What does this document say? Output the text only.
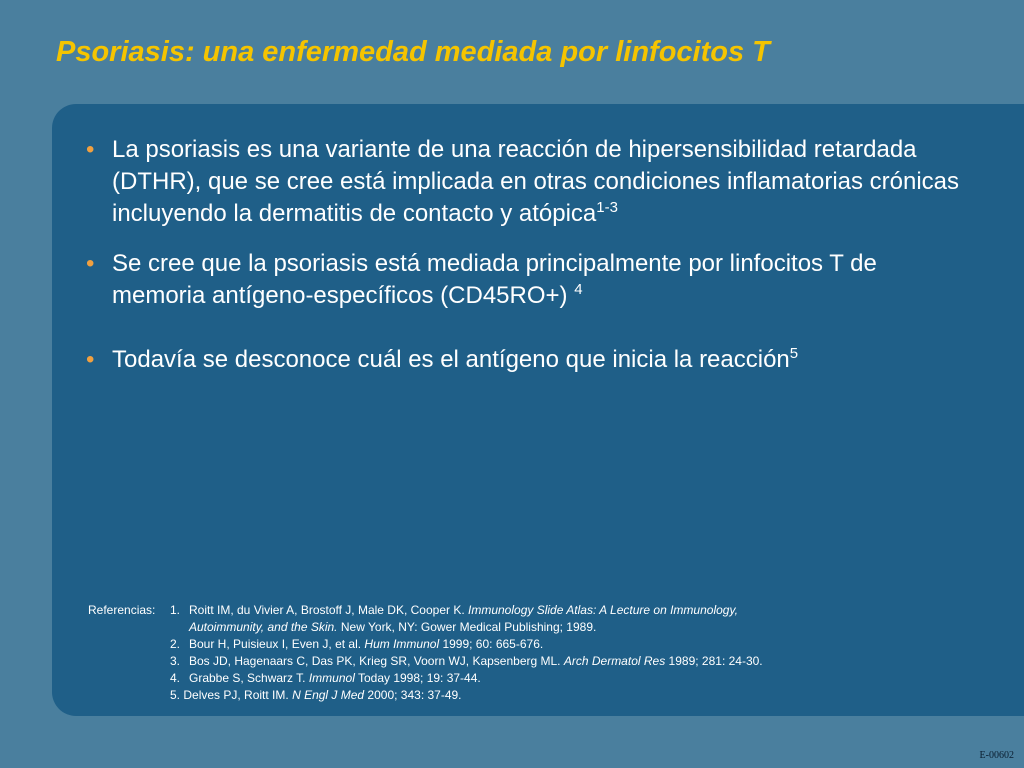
Psoriasis: una enfermedad mediada por linfocitos T
• La psoriasis es una variante de una reacción de hipersensibilidad retardada (DTHR), que se cree está implicada en otras condiciones inflamatorias crónicas incluyendo la dermatitis de contacto y atópica$^{1-3}$
• Se cree que la psoriasis está mediada principalmente por linfocitos T de memoria antígeno-específicos (CD45RO+) $^4$
• Todavía se desconoce cuál es el antígeno que inicia la reacción$^5$
Referencias:	1. Roitt IM, du Vivier A, Brostoff J, Male DK, Cooper K. Immunology Slide Atlas: A Lecture on Immunology,
Autoimmunity, and the Skin. New York, NY: Gower Medical Publishing; 1989.
2. Bour H, Puisieux I, Even J, et al. Hum Immunol 1999; 60: 665-676.
3. Bos JD, Hagenaars C, Das PK, Krieg SR, Voorn WJ, Kapsenberg ML. Arch Dermatol Res 1989; 281: 24-30.
4. Grabbe S, Schwarz T. Immunol Today 1998; 19: 37-44.
5. Delves PJ, Roitt IM. N Engl J Med 2000; 343: 37-49.
E-00602
